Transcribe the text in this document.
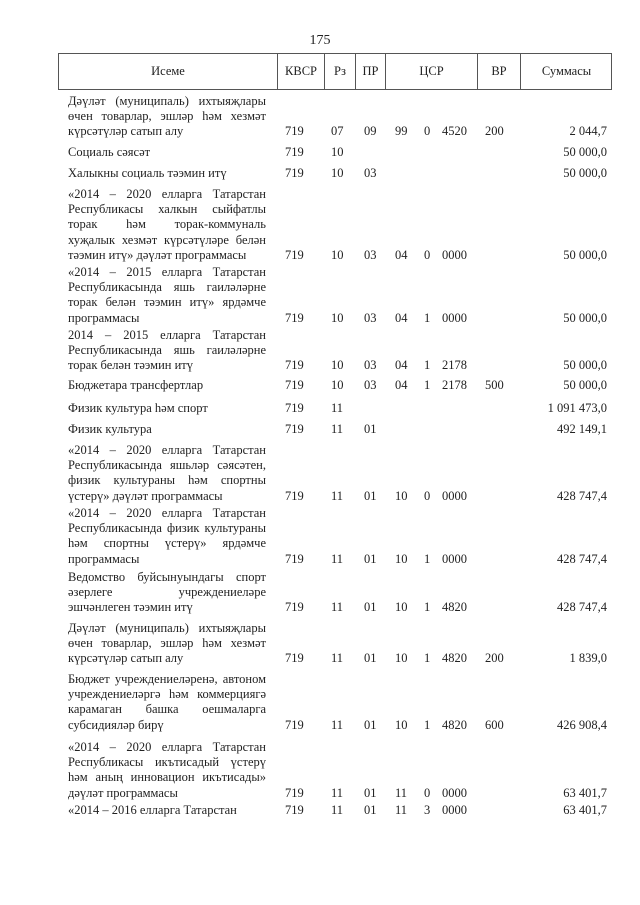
175
Исеме	КВСР	Рз	ПР	ЦСР	ВР	Суммасы
Дәүләт (муниципаль) ихтыяҗлары
өчен товарлар, эшләр һәм хезмәт
күрсәтүләр сатып алу	719 07 09 99 0 4520 200	2 044,7
Социаль сәясәт	719 10	50 000,0
Халыкны социаль тәэмин итү	719 10 03	50 000,0
«2014 – 2020 елларга Татарстан
Республикасы халкын сыйфатлы
торак һәм торак-коммуналь
хуҗалык хезмәт күрсәтүләре белән
тәэмин итү» дәүләт программасы	719 10 03 04 0 0000	50 000,0
«2014 – 2015 елларга Татарстан
Республикасында яшь гаиләләрне
торак белән тәэмин итү» ярдәмче
программасы	719 10 03 04 1 0000	50 000,0
2014 – 2015 елларга Татарстан
Республикасында яшь гаиләләрне
торак белән тәэмин итү	719 10 03 04 1 2178	50 000,0
Бюджетара трансфертлар	719 10 03 04 1 2178 500	50 000,0
Физик культура һәм спорт	719 11	1 091 473,0
Физик культура	719 11 01	492 149,1
«2014 – 2020 елларга Татарстан
Республикасында яшьләр сәясәтен,
физик культураны һәм спортны
үстерү» дәүләт программасы	719 11 01 10 0 0000	428 747,4
«2014 – 2020 елларга Татарстан
Республикасында физик культураны
һәм спортны үстерү» ярдәмче
программасы	719 11 01 10 1 0000	428 747,4
Ведомство буйсынуындагы спорт
әзерлеге учреждениеләре
эшчәнлеген тәэмин итү	719 11 01 10 1 4820	428 747,4
Дәүләт (муниципаль) ихтыяҗлары
өчен товарлар, эшләр һәм хезмәт
күрсәтүләр сатып алу	719 11 01 10 1 4820 200	1 839,0
Бюджет учреждениеләренә, автоном
учреждениеләргә һәм коммерциягә
карамаган башка оешмаларга
субсидияләр бирү	719 11 01 10 1 4820 600	426 908,4
«2014 – 2020 елларга Татарстан
Республикасы икътисадый үстерү
һәм аның инновацион икътисады»
дәүләт программасы	719 11 01 11 0 0000	63 401,7
«2014 – 2016 елларга Татарстан	719 11 01 11 3 0000	63 401,7
